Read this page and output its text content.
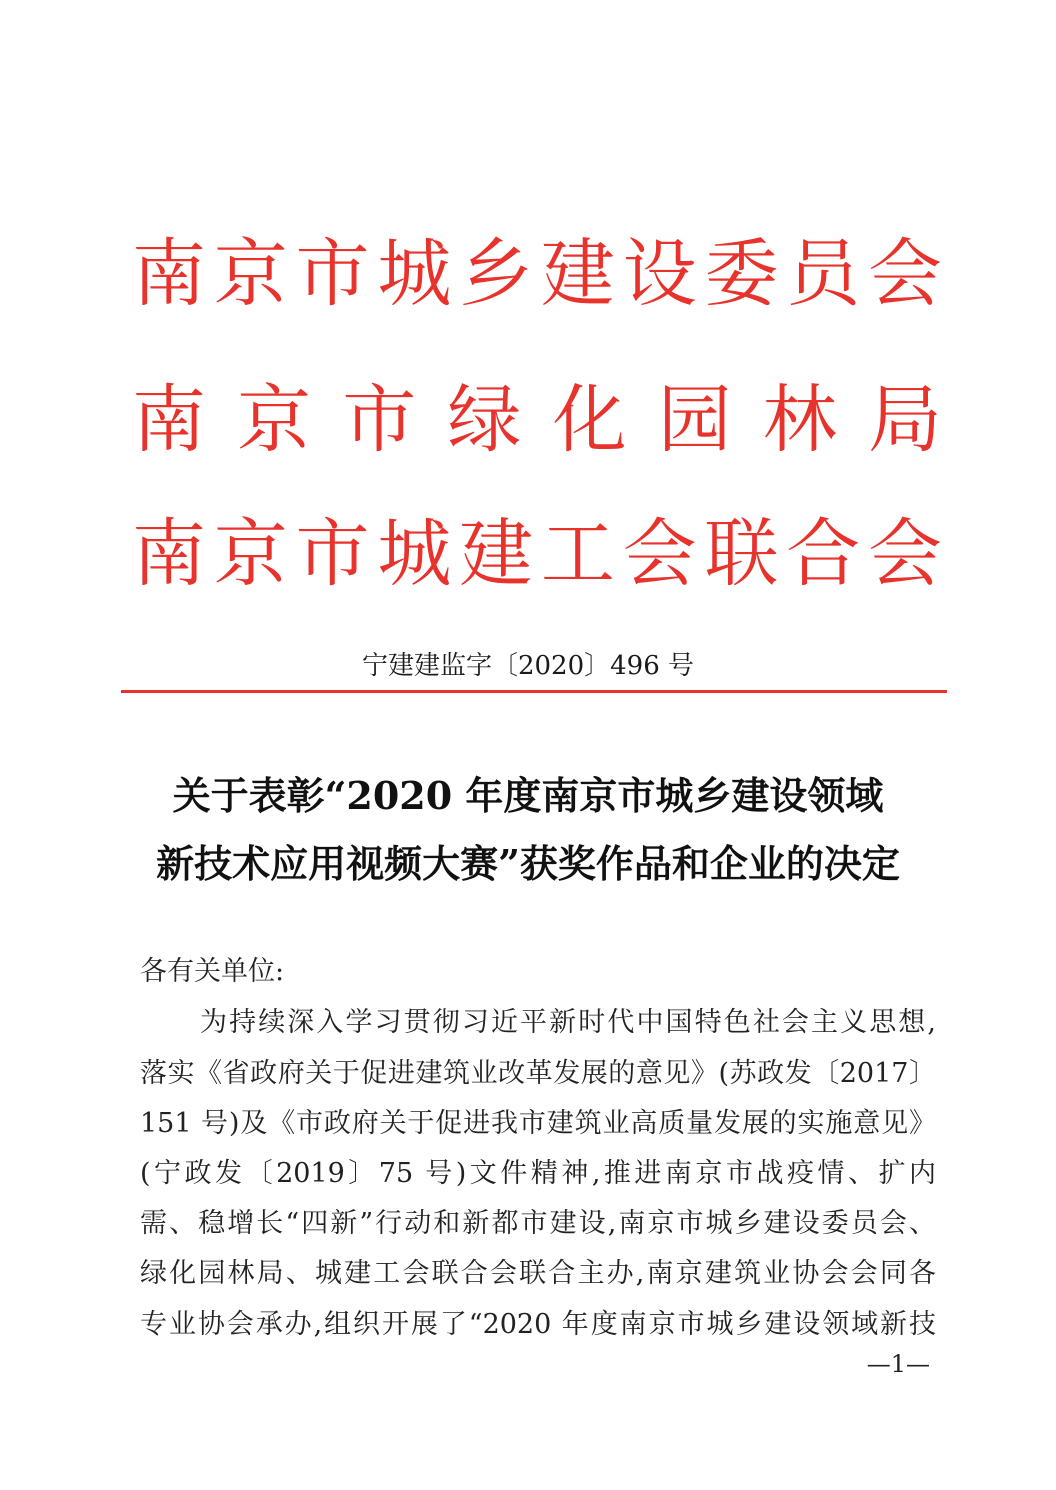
南京市城乡建设委员会
南京市绿化园林局
南京市城建工会联合会
宁建建监字〔2020〕496 号
关于表彰“2020 年度南京市城乡建设领域
新技术应用视频大赛”获奖作品和企业的决定
各有关单位:
为持续深入学习贯彻习近平新时代中国特色社会主义思想,
落实《省政府关于促进建筑业改革发展的意见》(苏政发〔2017〕
151 号)及《市政府关于促进我市建筑业高质量发展的实施意见》
(宁政发〔2019〕75 号)文件精神,推进南京市战疫情、扩内
需、稳增长“四新”行动和新都市建设,南京市城乡建设委员会、
绿化园林局、城建工会联合会联合主办,南京建筑业协会会同各
专业协会承办,组织开展了“2020 年度南京市城乡建设领域新技
—1—
